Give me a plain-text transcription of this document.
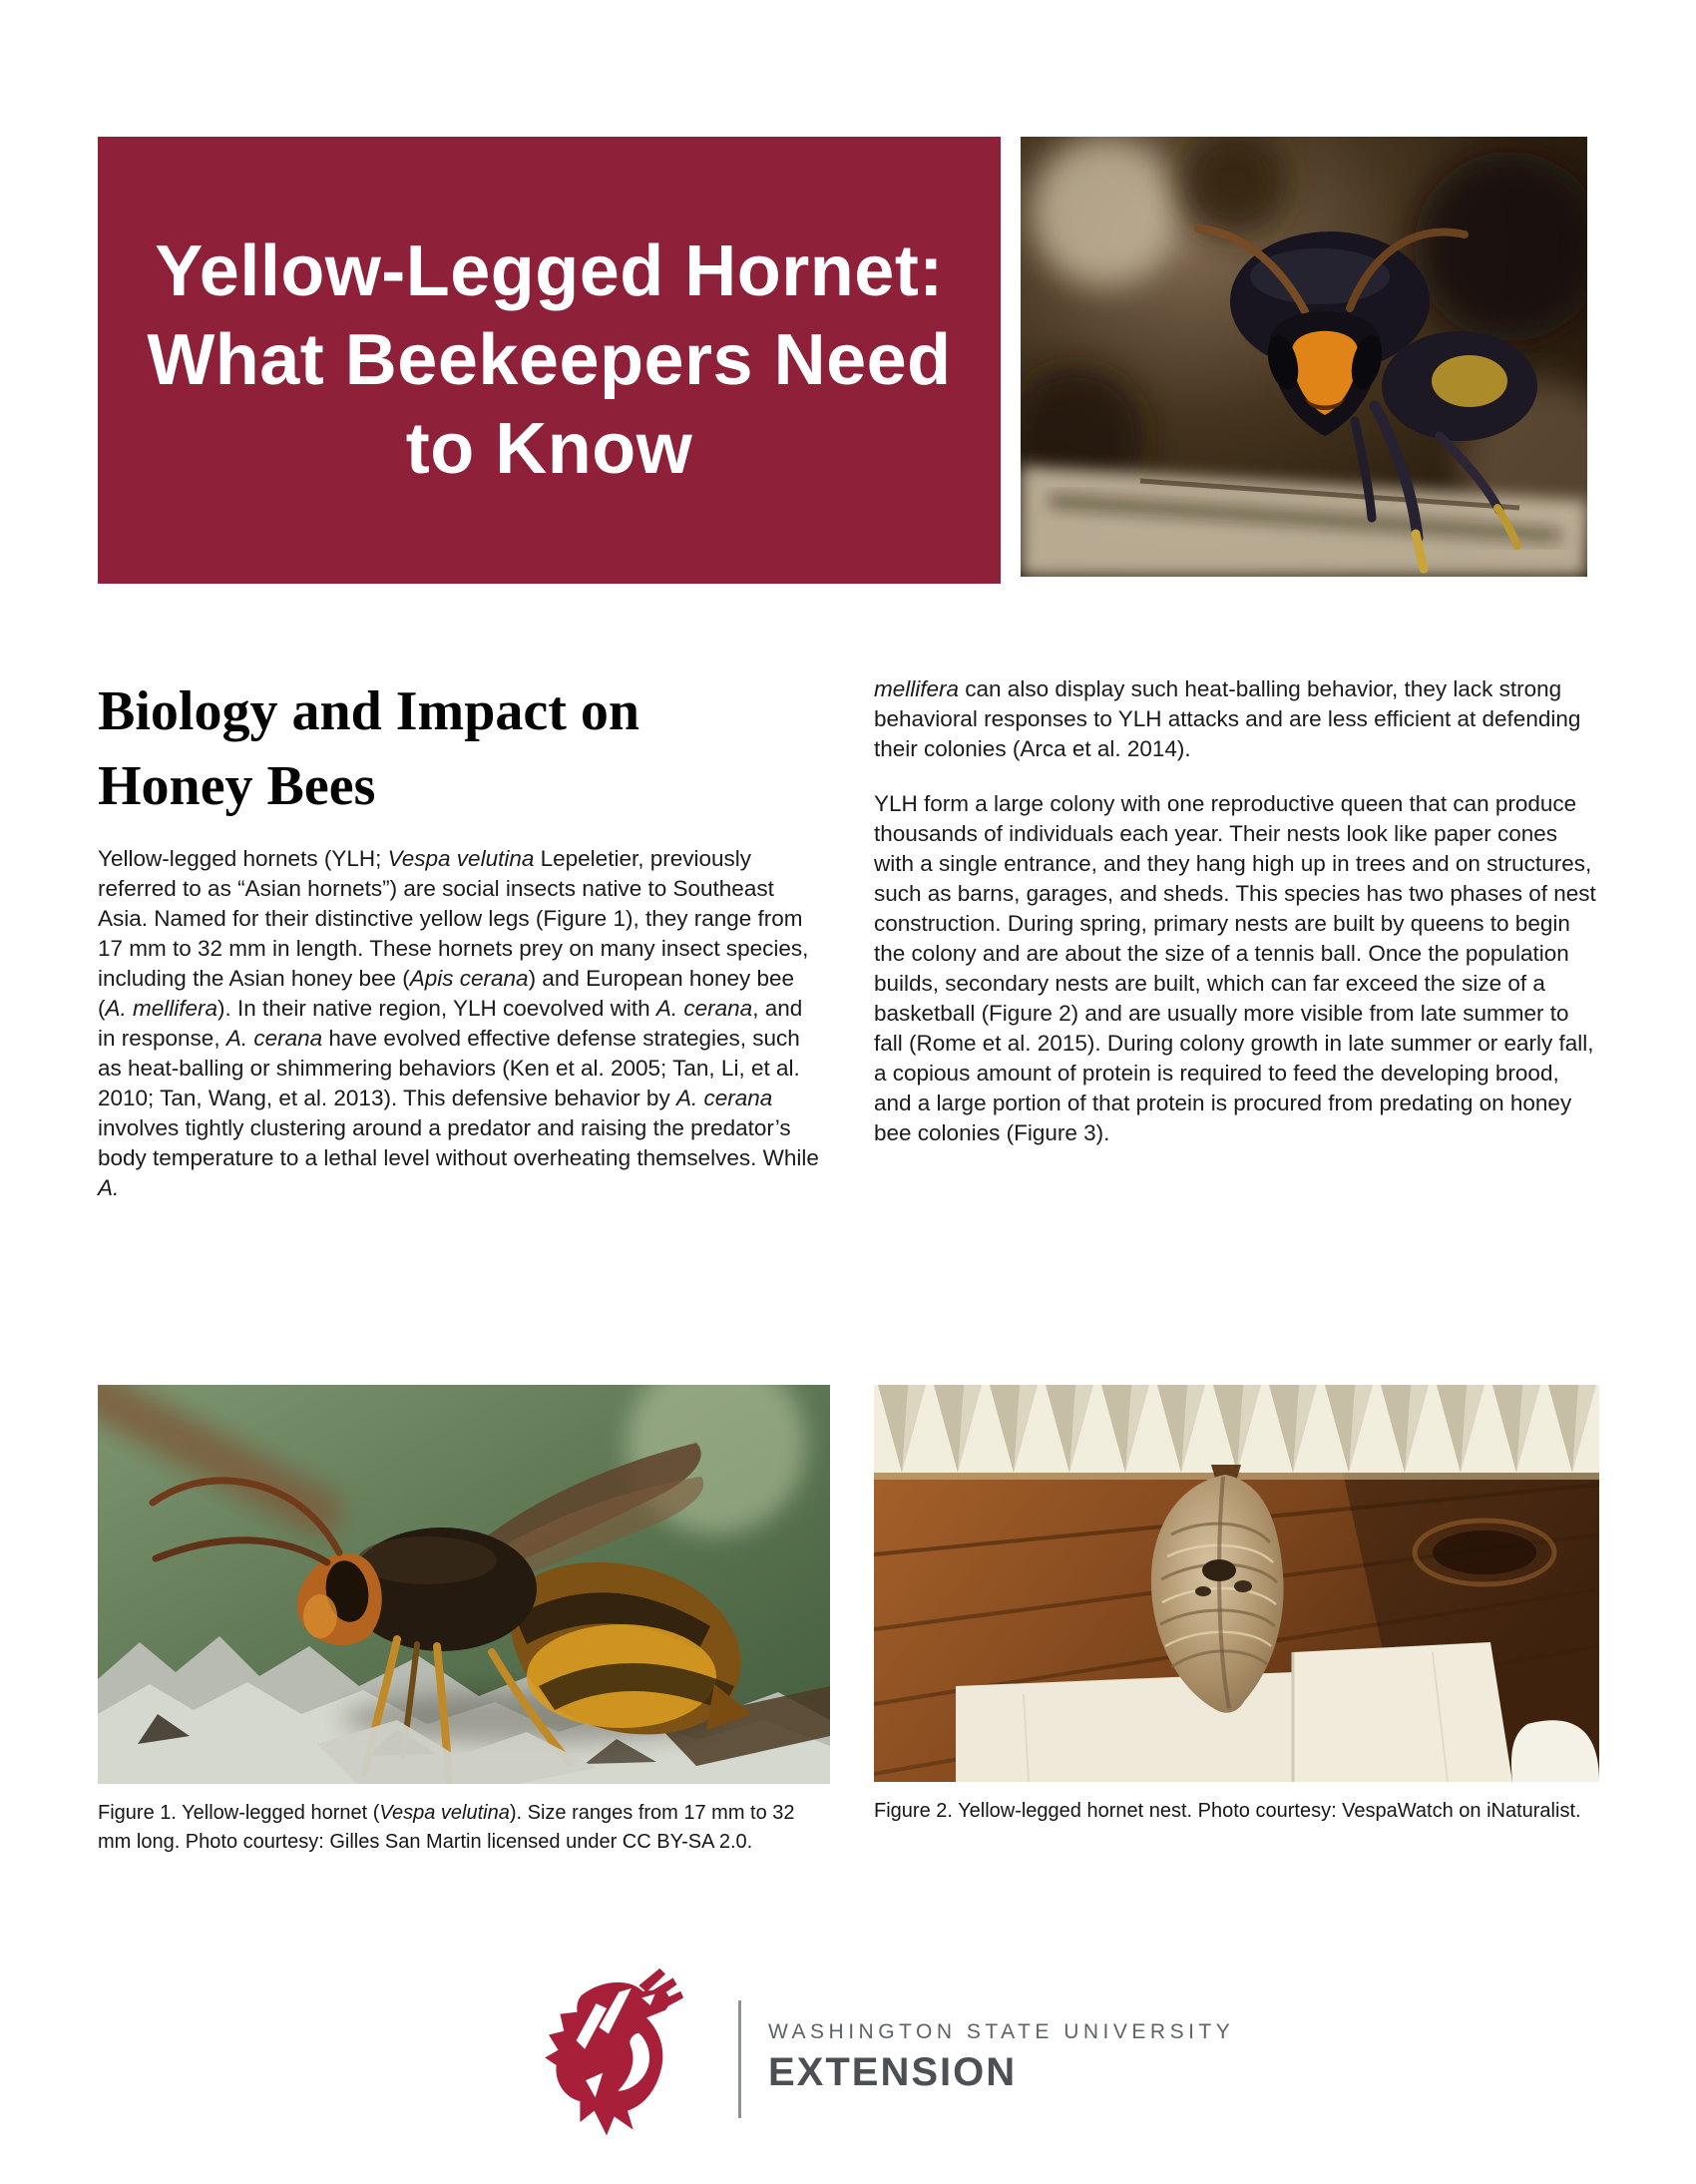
Yellow-Legged Hornet:
What Beekeepers Need
to Know
Biology and Impact on
Honey Bees

Yellow-legged hornets (YLH; Vespa velutina Lepeletier, previously referred to as “Asian hornets”) are social insects native to Southeast Asia. Named for their distinctive yellow legs (Figure 1), they range from 17 mm to 32 mm in length. These hornets prey on many insect species, including the Asian honey bee (Apis cerana) and European honey bee (A. mellifera). In their native region, YLH coevolved with A. cerana, and in response, A. cerana have evolved effective defense strategies, such as heat-balling or shimmering behaviors (Ken et al. 2005; Tan, Li, et al. 2010; Tan, Wang, et al. 2013). This defensive behavior by A. cerana involves tightly clustering around a predator and raising the predator’s body temperature to a lethal level without overheating themselves. While A.

mellifera can also display such heat-balling behavior, they lack strong behavioral responses to YLH attacks and are less efficient at defending their colonies (Arca et al. 2014).

YLH form a large colony with one reproductive queen that can produce thousands of individuals each year. Their nests look like paper cones with a single entrance, and they hang high up in trees and on structures, such as barns, garages, and sheds. This species has two phases of nest construction. During spring, primary nests are built by queens to begin the colony and are about the size of a tennis ball. Once the population builds, secondary nests are built, which can far exceed the size of a basketball (Figure 2) and are usually more visible from late summer to fall (Rome et al. 2015). During colony growth in late summer or early fall, a copious amount of protein is required to feed the developing brood, and a large portion of that protein is procured from predating on honey bee colonies (Figure 3).

Figure 1. Yellow-legged hornet (Vespa velutina). Size ranges from 17 mm to 32 mm long. Photo courtesy: Gilles San Martin licensed under CC BY-SA 2.0.
Figure 2. Yellow-legged hornet nest. Photo courtesy: VespaWatch on iNaturalist.
WASHINGTON STATE UNIVERSITY
EXTENSION
